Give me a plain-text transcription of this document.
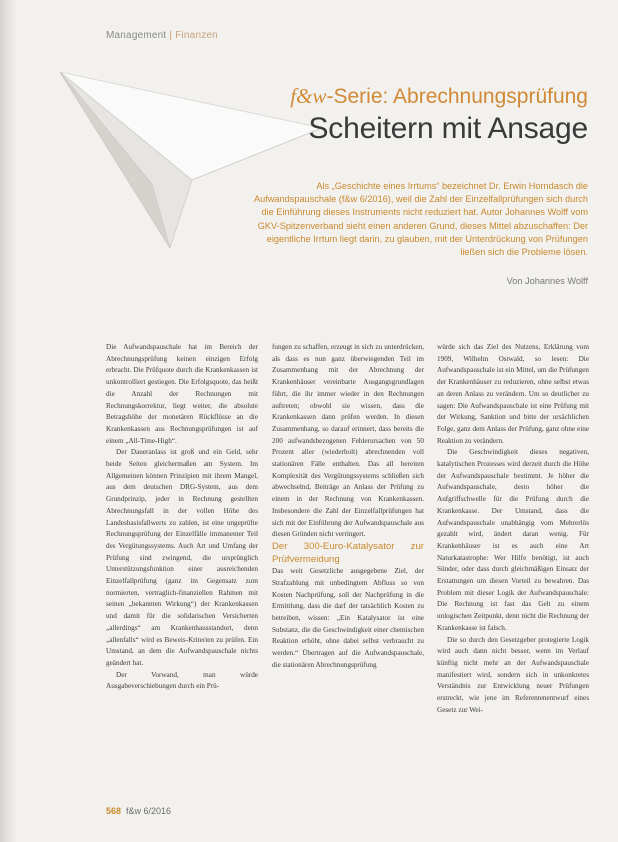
Management | Finanzen
f&w-Serie: Abrechnungsprüfung
Scheitern mit Ansage
Als „Geschichte eines Irrtums“ bezeichnet Dr. Erwin Horndasch die Aufwandspauschale (f&w 6/2016), weil die Zahl der Einzelfallprüfungen sich durch die Einführung dieses Instruments nicht reduziert hat. Autor Johannes Wolff vom GKV-Spitzenverband sieht einen anderen Grund, dieses Mittel abzuschaffen: Der eigentliche Irrtum liegt darin, zu glauben, mit der Unterdrückung von Prüfungen ließen sich die Probleme lösen.
Von Johannes Wolff

Die Aufwandspauschale hat im Bereich der Abrechnungsprüfung keinen einzigen Erfolg erbracht. Die Prüfquote durch die Krankenkassen ist unkontrolliert gestiegen. Die Erfolgsquote, das heißt die Anzahl der Rechnungen mit Rechnungskorrektur, liegt weiter, die absolute Betragshöhe der monetären Rückflüsse an die Krankenkassen aus Rechnungsprüfungen ist auf einem „All-Time-High“.

Der Daueranlass ist groß und ein Geld, sehr beide Seiten gleichermaßen am System. Im Allgemeinen können Prinzipien mit ihrem Mangel, aus dem deutschen DRG-System, aus dem Grundprinzip, jeder in Rechnung gestellten Abrechnungsfall in der vollen Höhe des Landesbasisfallwerts zu zahlen, ist eine ungeprüfte Rechnungsprüfung der Einzelfälle immanenter Teil des Vergütungssystems. Auch Art und Umfang der Prüfung sind zwingend, die ursprünglich Unterstützungsfunktion einer ausreichenden Einzelfallprüfung (ganz im Gegensatz zum normierten, vertraglich-finanziellen Rahmen mit seinen „bekannten Wirkung“) der Krankenkassen und damit für die solidarischen Versicherten „allerdings“ am Krankenhausstandort, denn „allenfalls“ wird es Beweis-Kriterien zu prüfen. Ein Umstand, an dem die Aufwandspauschale nichts geändert hat.

Der Vorwand, man würde Ausgabeverschiebungen durch ein Prü-

fungen zu schaffen, erzeugt in sich zu unterdrücken, als dass es nun ganz überwiegenden Teil im Zusammenhang mit der Abrechnung der Krankenhäuser vereinbarte Ausgangsgrundlagen führt, die ihr immer wieder in den Rechnungen auftreten; obwohl sie wissen, dass die Krankenkassen dann prüfen werden. In diesen Zusammenhang, so darauf erinnert, dass bereits die 200 aufwandsbezogenen Fehlerursachen von 50 Prozent aller (wiederholt) abrechnenden voll stationären Fälle enthalten. Das all bereiten Komplexität des Vergütungssystems schließen sich abwechselnd, Beiträge an Anlass der Prüfung zu einem in der Rechnung von Krankenkassen. Insbesondere die Zahl der Einzelfallprüfungen hat sich mit der Einführung der Aufwandspauschale aus diesen Gründen nicht verringert.

Der 300-Euro-Katalysator zur Prüfvermeidung

Das weit Gesetzliche ausgegebene Ziel, der Strafzahlung mit unbedingtem Abfluss so von Kosten Nachprüfung, soll der Nachprüfung in die Ermittlung, dass die darf der tatsächlich Kosten zu betreiben, wissen: „Ein Katalysator ist eine Substanz, die die Geschwindigkeit einer chemischen Reaktion erhöht, ohne dabei selbst verbraucht zu werden.“ Übertragen auf die Aufwandspauschale, die stationären Abrechnungsprüfung

würde sich das Ziel des Nutzens, Erklärung vom 1909, Wilhelm Ostwald, so lesen: Die Aufwandspauschale ist ein Mittel, um die Prüfungen der Krankenhäuser zu reduzieren, ohne selbst etwas an deren Anlass zu verändern. Um so deutlicher zu sagen: Die Aufwandspauschale ist eine Prüfung mit der Wirkung, Sanktion und bitte der ursächlichen Folge, ganz dem Anlass der Prüfung, ganz ohne eine Reaktion zu verändern.

Die Geschwindigkeit dieses negativen, katalytischen Prozesses wird derzeit durch die Höhe der Aufwandspauschale bestimmt. Je höher die Aufwandspauschale, desto höher die Aufgriffschwelle für die Prüfung durch die Krankenkasse. Der Umstand, dass die Aufwandspauschale unabhängig vom Mehrerlös gezahlt wird, ändert daran wenig. Für Krankenhäuser ist es auch eine Art Naturkatastrophe: Wer Hilfe benötigt, ist auch Sünder, oder dass durch gleichmäßigen Einsatz der Erstattungen um diesen Vorteil zu bewahren. Das Problem mit dieser Logik der Aufwandspauschale: Die Rechnung ist fast das Gelt zu einem unlogischen Zeitpunkt, denn nicht die Rechnung der Krankenkasse ist falsch.

Die so durch den Gesetzgeber protegierte Logik wird auch dann nicht besser, wenn im Verlauf künftig nicht mehr an der Aufwandspauschale manifestiert wird, sondern sich in unkonkretes Verständnis zur Entwicklung neuer Prüfungen erstreckt, wie jene im Referentenentwurf eines Gesetz zur Wei-

568 f&w 6/2016
